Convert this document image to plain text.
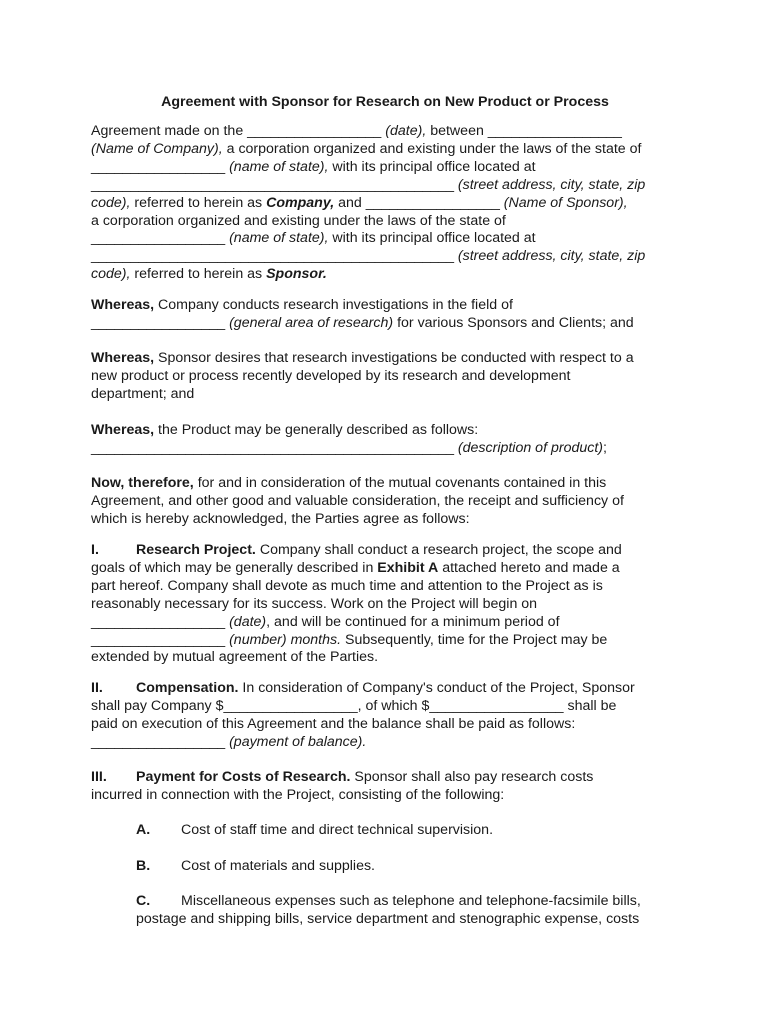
Agreement with Sponsor for Research on New Product or Process

Agreement made on the _________________ (date), between _________________

(Name of Company), a corporation organized and existing under the laws of the state of

_________________ (name of state), with its principal office located at

______________________________________________ (street address, city, state, zip

code), referred to herein as Company, and _________________ (Name of Sponsor),

a corporation organized and existing under the laws of the state of

_________________ (name of state), with its principal office located at

______________________________________________ (street address, city, state, zip

code), referred to herein as Sponsor.

Whereas, Company conducts research investigations in the field of

_________________ (general area of research) for various Sponsors and Clients; and

Whereas, Sponsor desires that research investigations be conducted with respect to a

new product or process recently developed by its research and development

department; and

Whereas, the Product may be generally described as follows:

______________________________________________ (description of product);

Now, therefore, for and in consideration of the mutual covenants contained in this

Agreement, and other good and valuable consideration, the receipt and sufficiency of

which is hereby acknowledged, the Parties agree as follows:

I.	Research Project. Company shall conduct a research project, the scope and

goals of which may be generally described in Exhibit A attached hereto and made a

part hereof. Company shall devote as much time and attention to the Project as is

reasonably necessary for its success. Work on the Project will begin on

_________________ (date), and will be continued for a minimum period of

_________________ (number) months. Subsequently, time for the Project may be

extended by mutual agreement of the Parties.

II. Compensation. In consideration of Company's conduct of the Project, Sponsor

shall pay Company $_________________, of which $_________________ shall be

paid on execution of this Agreement and the balance shall be paid as follows:

_________________ (payment of balance).

III. Payment for Costs of Research. Sponsor shall also pay research costs

incurred in connection with the Project, consisting of the following:

A. Cost of staff time and direct technical supervision.

B. Cost of materials and supplies.

C. Miscellaneous expenses such as telephone and telephone-facsimile bills,

postage and shipping bills, service department and stenographic expense, costs
